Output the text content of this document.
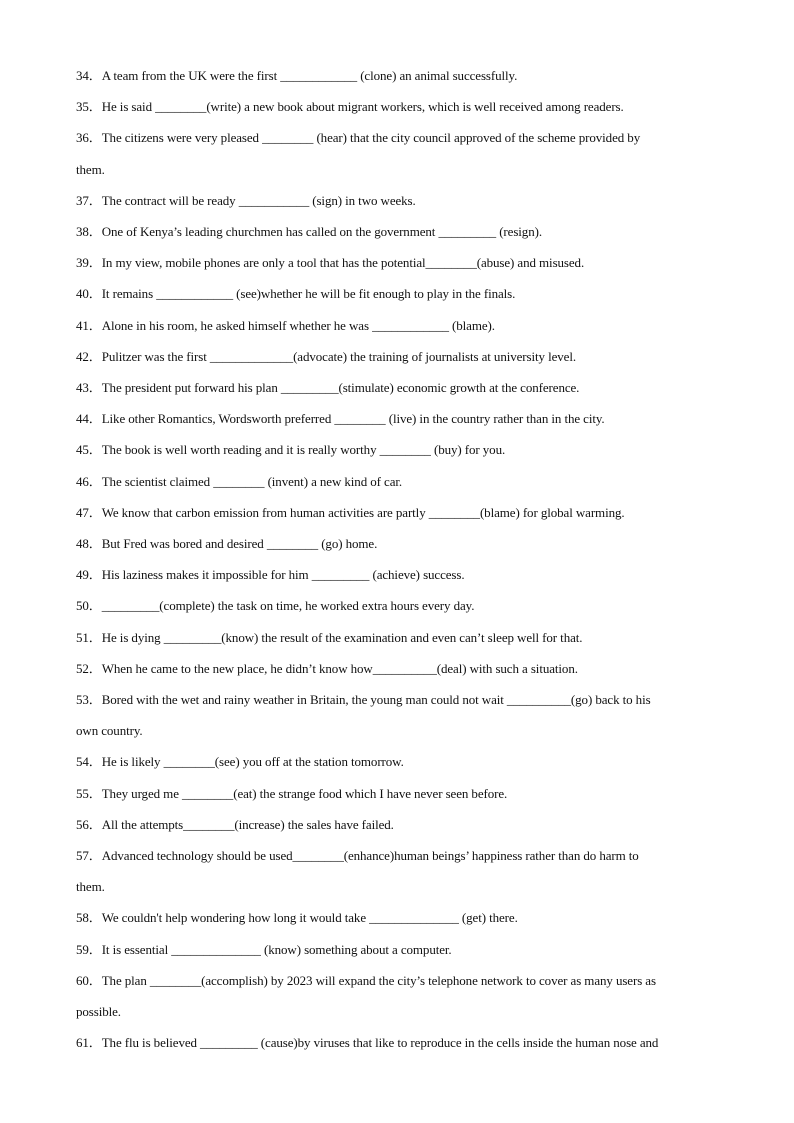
34．A team from the UK were the first ____________ (clone) an animal successfully.
35．He is said ________(write) a new book about migrant workers, which is well received among readers.
36．The citizens were very pleased ________ (hear) that the city council approved of the scheme provided by
them.
37．The contract will be ready ___________ (sign) in two weeks.
38．One of Kenya’s leading churchmen has called on the government _________ (resign).
39．In my view, mobile phones are only a tool that has the potential________(abuse) and misused.
40．It remains ____________ (see)whether he will be fit enough to play in the finals.
41．Alone in his room, he asked himself whether he was ____________ (blame).
42．Pulitzer was the first _____________(advocate) the training of journalists at university level.
43．The president put forward his plan _________(stimulate) economic growth at the conference.
44．Like other Romantics, Wordsworth preferred ________ (live) in the country rather than in the city.
45．The book is well worth reading and it is really worthy ________ (buy) for you.
46．The scientist claimed ________ (invent) a new kind of car.
47．We know that carbon emission from human activities are partly ________(blame) for global warming.
48．But Fred was bored and desired ________ (go) home.
49．His laziness makes it impossible for him _________ (achieve) success.
50．_________(complete) the task on time, he worked extra hours every day.
51．He is dying _________(know) the result of the examination and even can’t sleep well for that.
52．When he came to the new place, he didn’t know how__________(deal) with such a situation.
53．Bored with the wet and rainy weather in Britain, the young man could not wait __________(go) back to his
own country.
54．He is likely ________(see) you off at the station tomorrow.
55．They urged me ________(eat) the strange food which I have never seen before.
56．All the attempts________(increase) the sales have failed.
57．Advanced technology should be used________(enhance)human beings’ happiness rather than do harm to
them.
58．We couldn't help wondering how long it would take ______________ (get) there.
59．It is essential ______________ (know) something about a computer.
60．The plan ________(accomplish) by 2023 will expand the city’s telephone network to cover as many users as
possible.
61．The flu is believed _________ (cause)by viruses that like to reproduce in the cells inside the human nose and
